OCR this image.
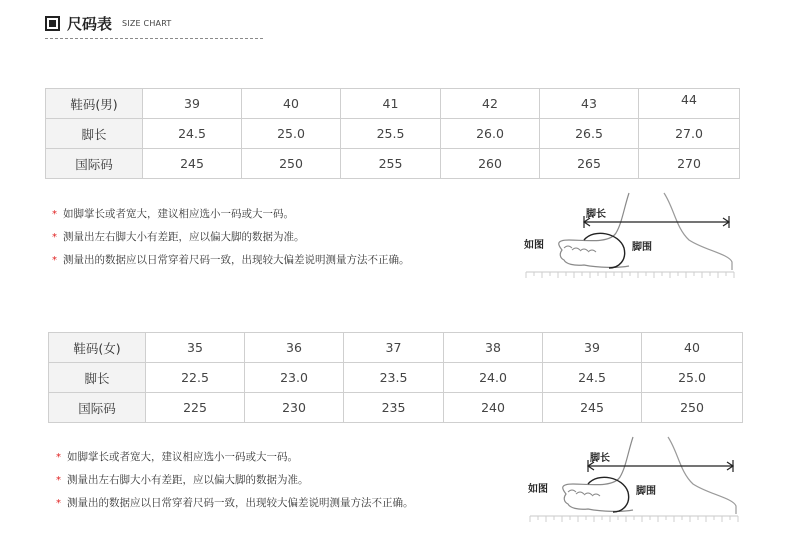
尺码表 SIZE CHART
鞋码(男)	39	40	41	42	43	44
脚长	24.5	25.0	25.5	26.0	26.5	27.0
国际码	245	250	255	260	265	270
* 如脚掌长或者宽大，建议相应选小一码或大一码。
* 测量出左右脚大小有差距，应以偏大脚的数据为准。
* 测量出的数据应以日常穿着尺码一致，出现较大偏差说明测量方法不正确。
脚长
脚围
如图
鞋码(女)	35	36	37	38	39	40
脚长	22.5	23.0	23.5	24.0	24.5	25.0
国际码	225	230	235	240	245	250
* 如脚掌长或者宽大，建议相应选小一码或大一码。
* 测量出左右脚大小有差距，应以偏大脚的数据为准。
* 测量出的数据应以日常穿着尺码一致，出现较大偏差说明测量方法不正确。
脚长
脚围
如图
